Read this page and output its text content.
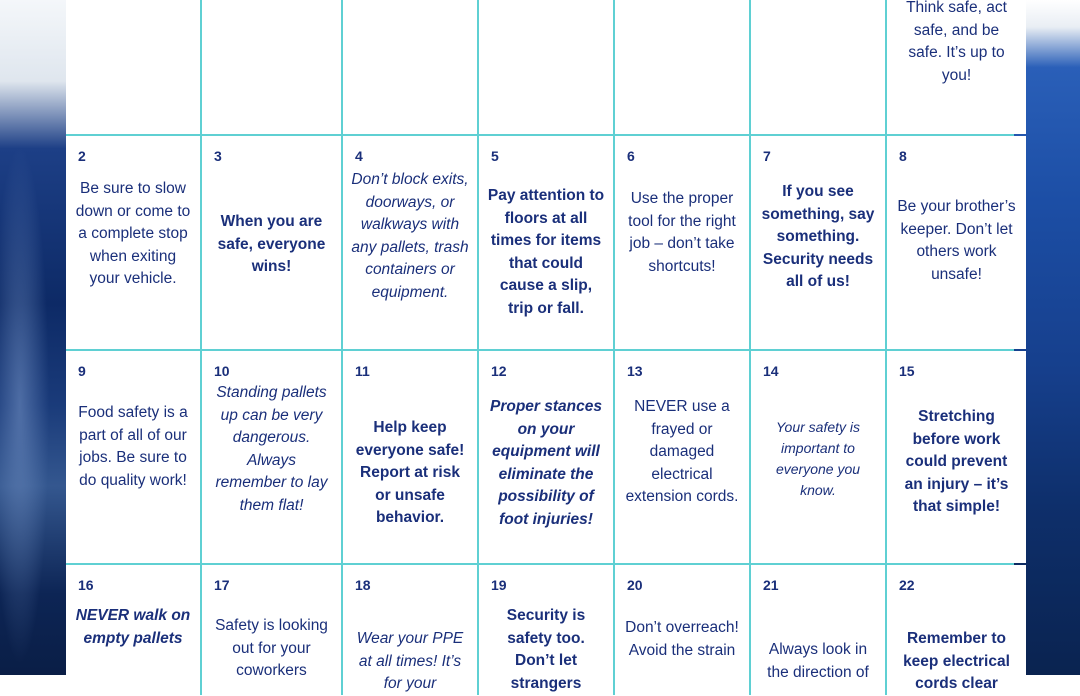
Think safe, act safe, and be safe. It’s up to you!
2
Be sure to slow down or come to a complete stop when exiting your vehicle.
3
When you are safe, everyone wins!
4
Don’t block exits, doorways, or walkways with any pallets, trash containers or equipment.
5
Pay attention to floors at all times for items that could cause a slip, trip or fall.
6
Use the proper tool for the right job – don’t take shortcuts!
7
If you see something, say something. Security needs all of us!
8
Be your brother’s keeper. Don’t let others work unsafe!
9
Food safety is a part of all of our jobs. Be sure to do quality work!
10
Standing pallets up can be very dangerous. Always remember to lay them flat!
11
Help keep everyone safe! Report at risk or unsafe behavior.
12
Proper stances on your equipment will eliminate the possibility of foot injuries!
13
NEVER use a frayed or damaged electrical extension cords.
14
Your safety is important to everyone you know.
15
Stretching before work could prevent an injury – it’s that simple!
16
NEVER walk on empty pallets
17
Safety is looking out for your coworkers
18
Wear your PPE at all times! It’s for your
19
Security is safety too. Don’t let strangers
20
Don’t overreach! Avoid the strain
21
Always look in the direction of
22
Remember to keep electrical cords clear
